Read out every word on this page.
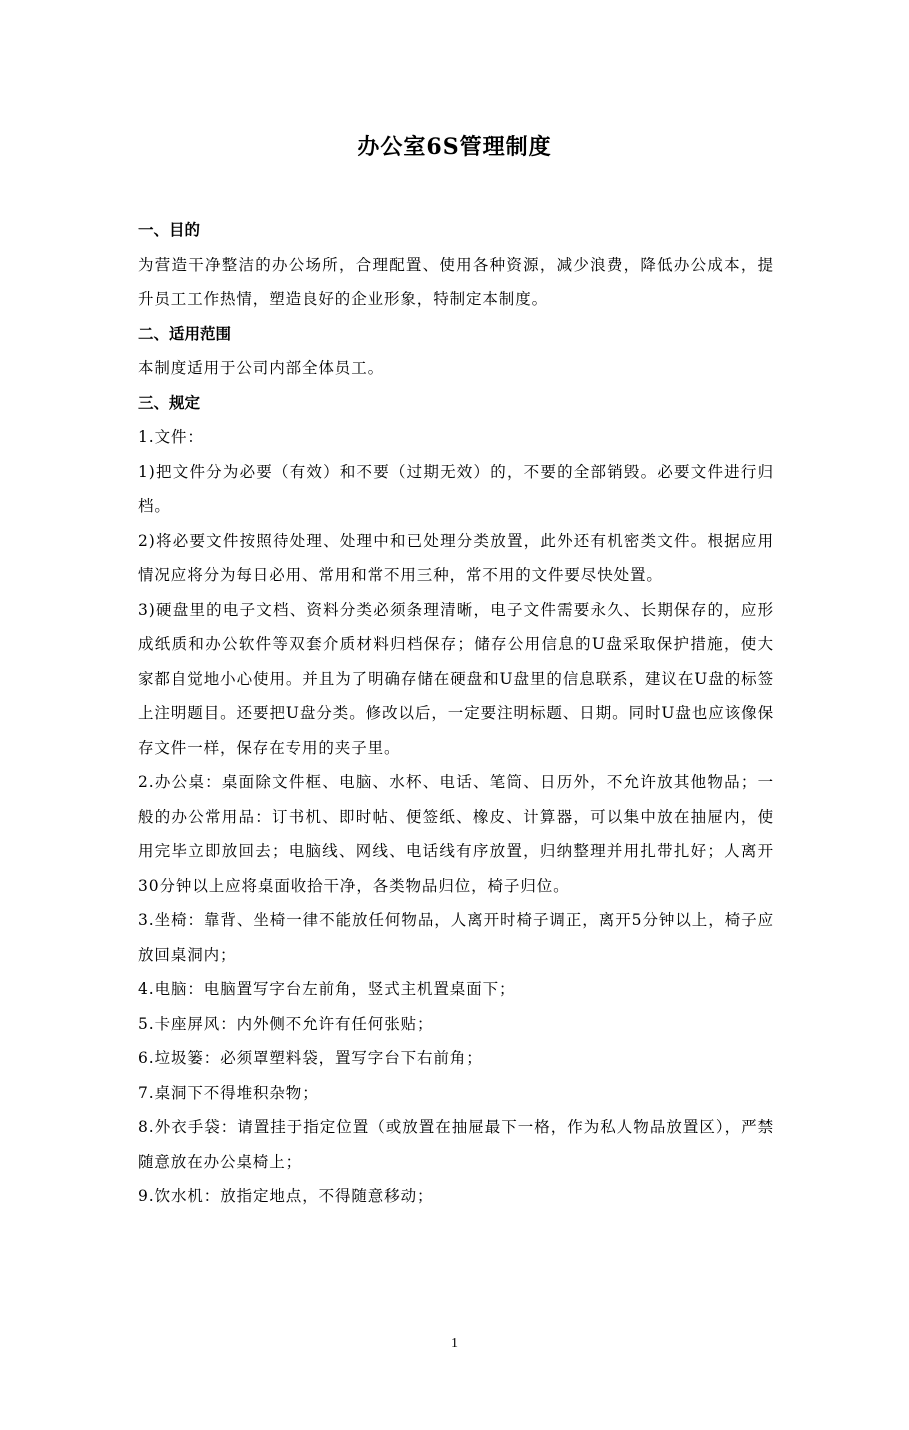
办公室6S管理制度

一、目的

为营造干净整洁的办公场所，合理配置、使用各种资源，减少浪费，降低办公成本，提升员工工作热情，塑造良好的企业形象，特制定本制度。

二、适用范围

本制度适用于公司内部全体员工。

三、规定

1.文件：

1)把文件分为必要（有效）和不要（过期无效）的，不要的全部销毁。必要文件进行归档。

2)将必要文件按照待处理、处理中和已处理分类放置，此外还有机密类文件。根据应用情况应将分为每日必用、常用和常不用三种，常不用的文件要尽快处置。

3)硬盘里的电子文档、资料分类必须条理清晰，电子文件需要永久、长期保存的，应形成纸质和办公软件等双套介质材料归档保存；储存公用信息的U盘采取保护措施，使大家都自觉地小心使用。并且为了明确存储在硬盘和U盘里的信息联系，建议在U盘的标签上注明题目。还要把U盘分类。修改以后，一定要注明标题、日期。同时U盘也应该像保存文件一样，保存在专用的夹子里。

2.办公桌：桌面除文件框、电脑、水杯、电话、笔筒、日历外，不允许放其他物品；一般的办公常用品：订书机、即时帖、便签纸、橡皮、计算器，可以集中放在抽屉内，使用完毕立即放回去；电脑线、网线、电话线有序放置，归纳整理并用扎带扎好；人离开30分钟以上应将桌面收拾干净，各类物品归位，椅子归位。

3.坐椅：靠背、坐椅一律不能放任何物品，人离开时椅子调正，离开5分钟以上，椅子应放回桌洞内；

4.电脑：电脑置写字台左前角，竖式主机置桌面下；

5.卡座屏风：内外侧不允许有任何张贴；

6.垃圾篓：必须罩塑料袋，置写字台下右前角；

7.桌洞下不得堆积杂物；

8.外衣手袋：请置挂于指定位置（或放置在抽屉最下一格，作为私人物品放置区），严禁随意放在办公桌椅上；

9.饮水机：放指定地点，不得随意移动；

1
